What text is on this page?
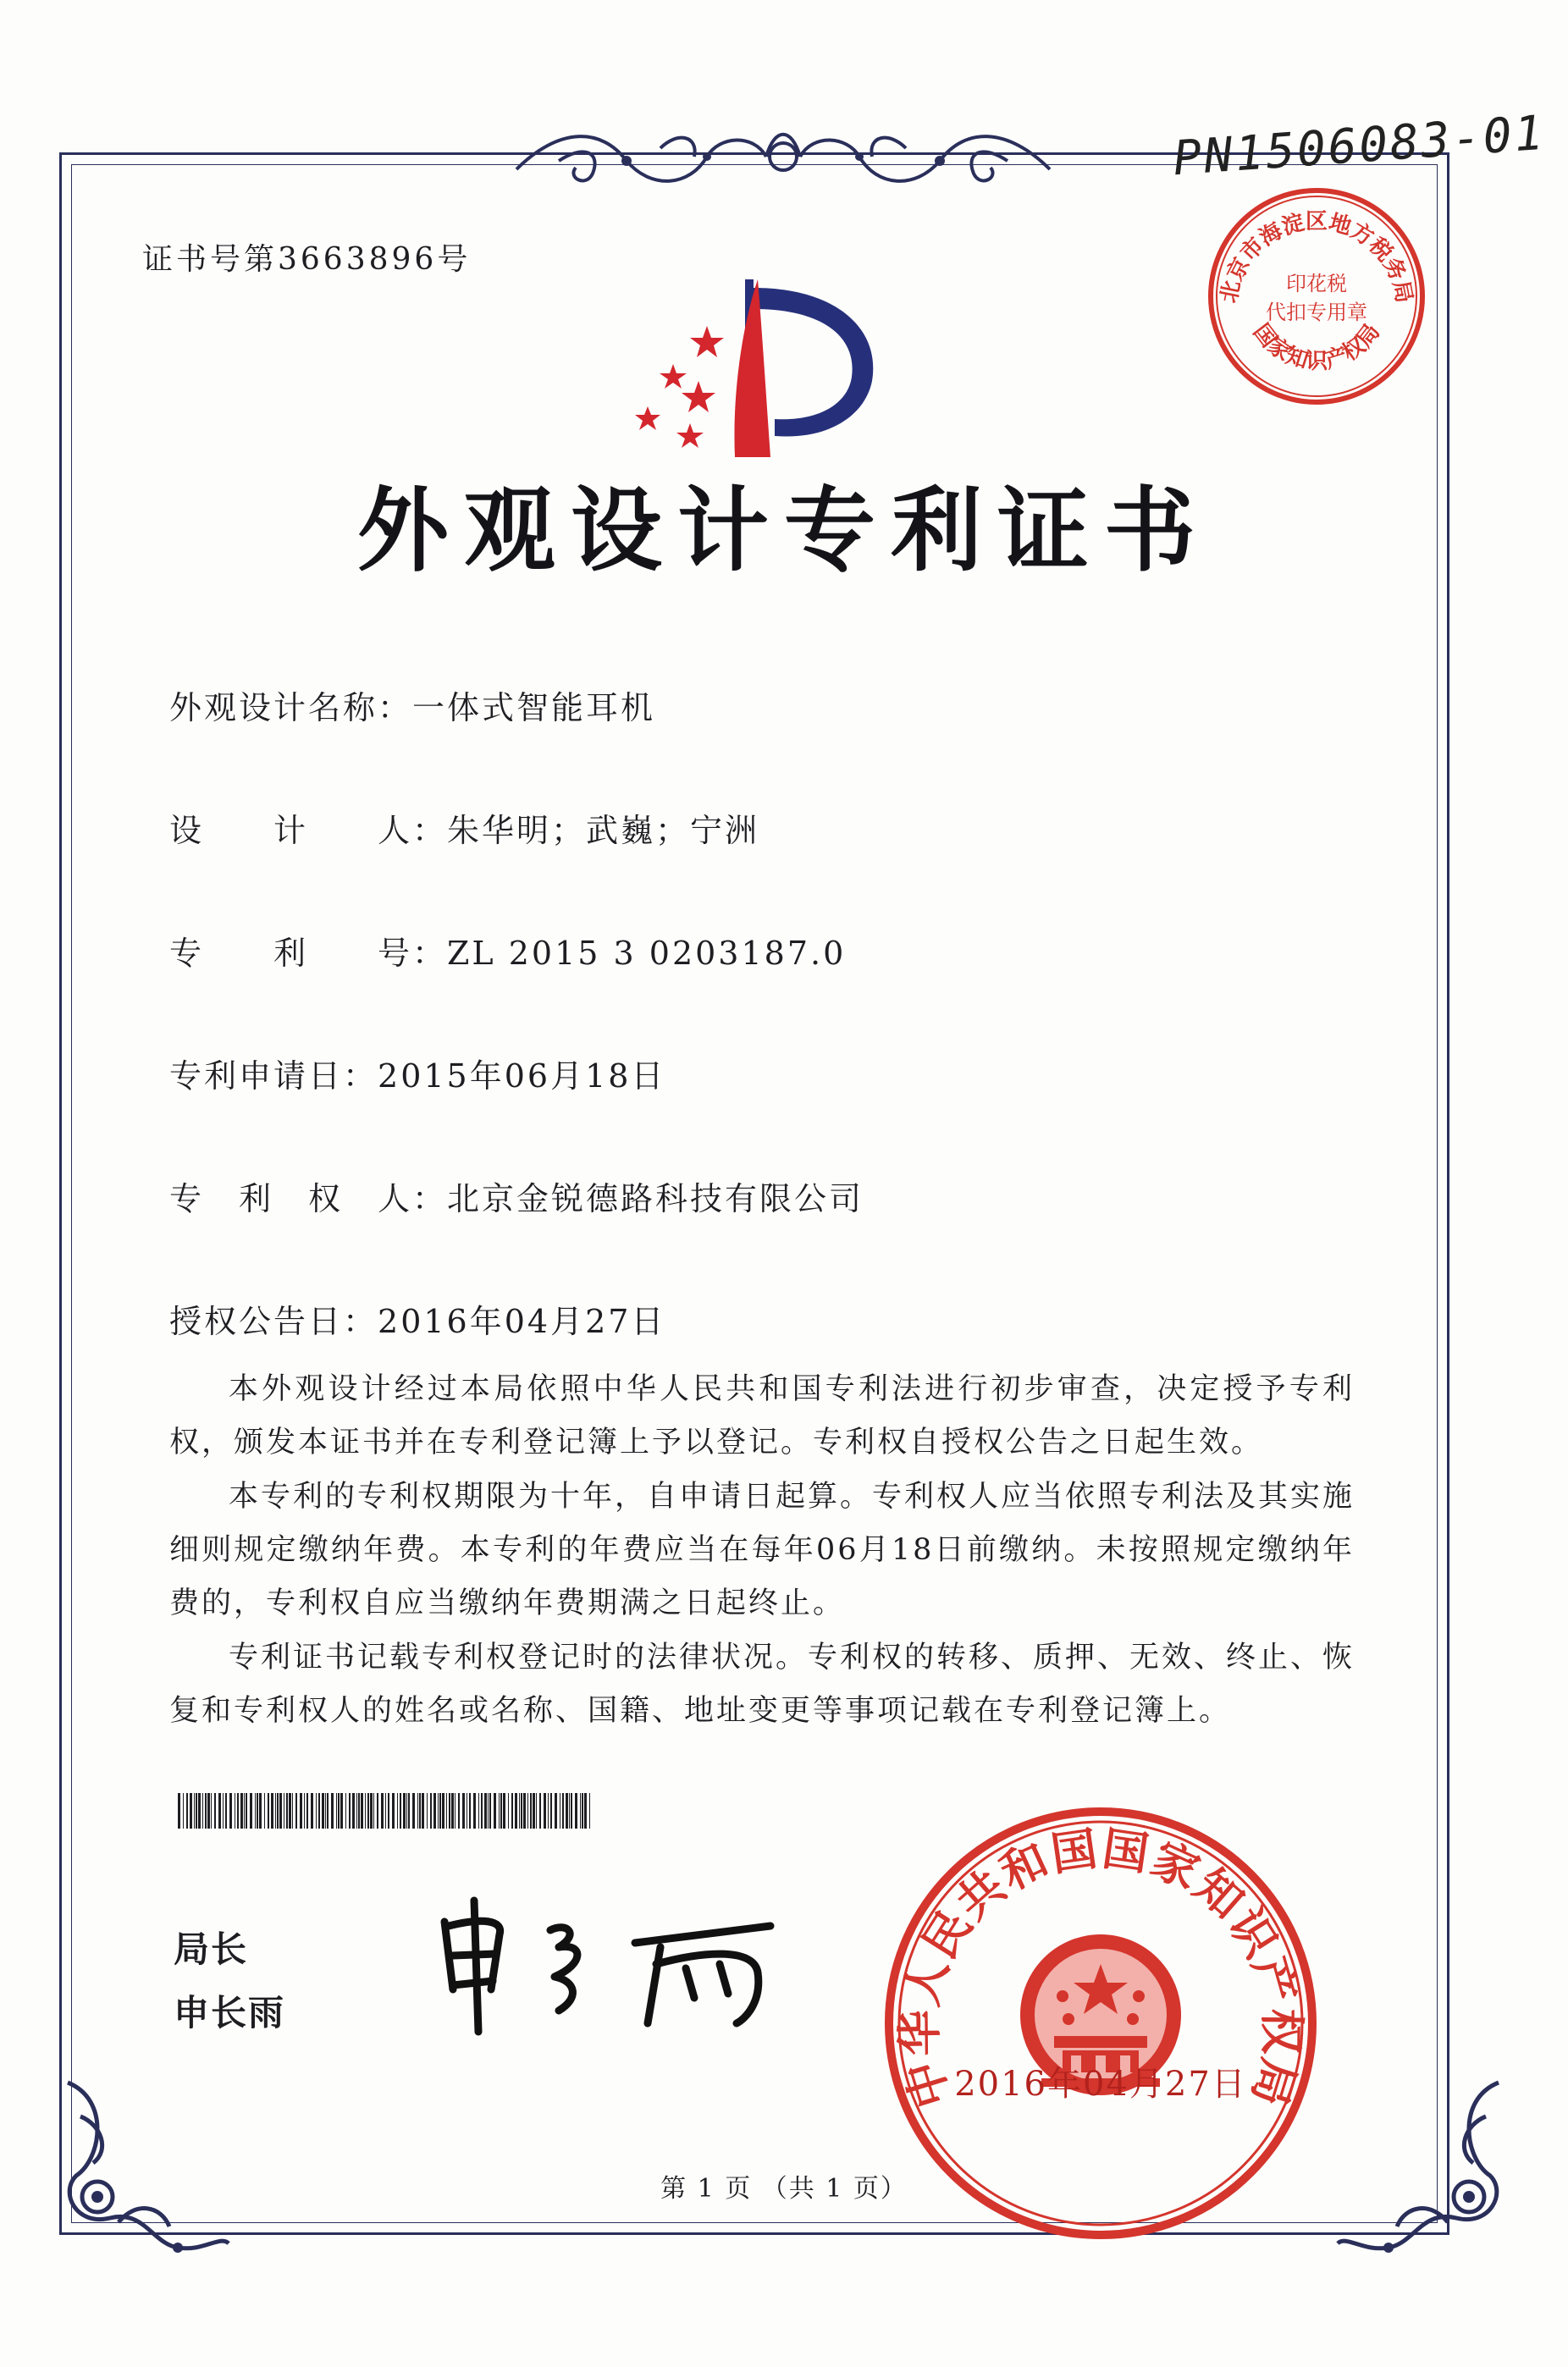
PN1506083-01
证书号第3663896号
外观设计专利证书
外观设计名称：一体式智能耳机
设　　计　　人：朱华明；武巍；宁洲
专　　利　　号：ZL 2015 3 0203187.0
专利申请日：2015年06月18日
专　利　权　人：北京金锐德路科技有限公司
授权公告日：2016年04月27日
本外观设计经过本局依照中华人民共和国专利法进行初步审查，决定授予专利权，颁发本证书并在专利登记簿上予以登记。专利权自授权公告之日起生效。
本专利的专利权期限为十年，自申请日起算。专利权人应当依照专利法及其实施细则规定缴纳年费。本专利的年费应当在每年06月18日前缴纳。未按照规定缴纳年费的，专利权自应当缴纳年费期满之日起终止。
专利证书记载专利权登记时的法律状况。专利权的转移、质押、无效、终止、恢复和专利权人的姓名或名称、国籍、地址变更等事项记载在专利登记簿上。
局长
申长雨
北京市海淀区地方税务局
印花税
代扣专用章
国家知识产权局
中华人民共和国国家知识产权局
2016年04月27日
第 1 页 （共 1 页）
